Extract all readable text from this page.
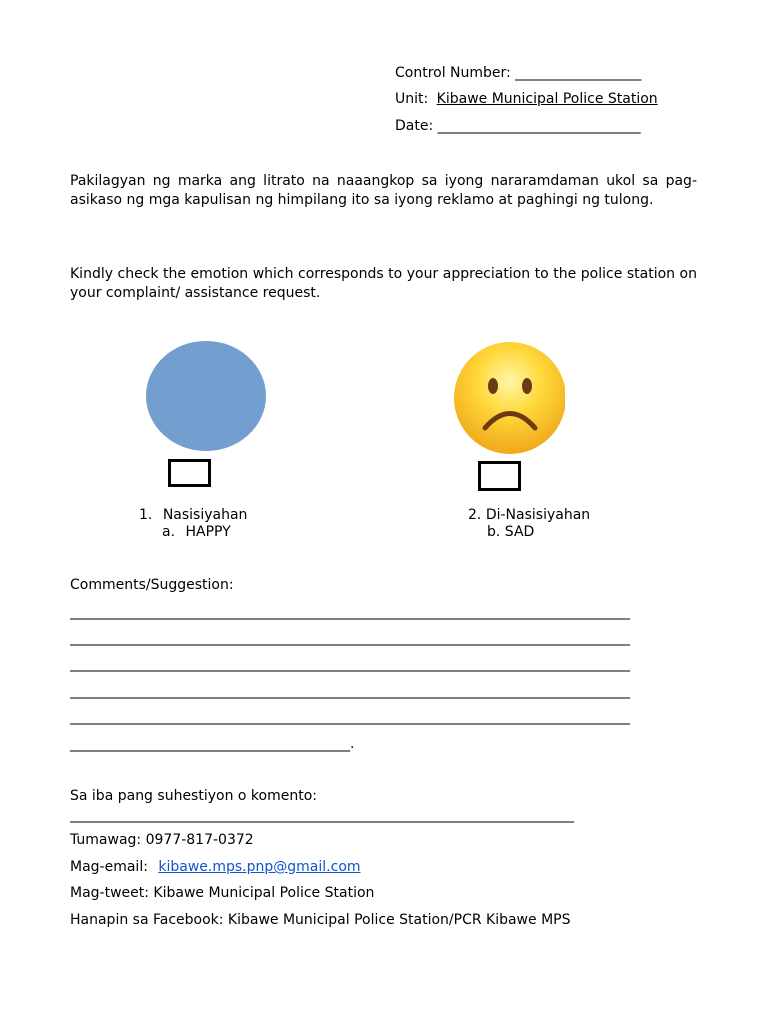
Control Number: __________________
Unit: Kibawe Municipal Police Station
Date: _____________________________
Pakilagyan ng marka ang litrato na naaangkop sa iyong nararamdaman ukol sa pag-asikaso ng mga kapulisan ng himpilang ito sa iyong reklamo at paghingi ng tulong.
Kindly check the emotion which corresponds to your appreciation to the police station on your complaint/ assistance request.
1. Nasisiyahan
a. HAPPY
2. Di-Nasisiyahan
b. SAD
Comments/Suggestion:
________________________________________________________________________________
________________________________________________________________________________
________________________________________________________________________________
________________________________________________________________________________
________________________________________________________________________________
________________________________________.
Sa iba pang suhestiyon o komento:
________________________________________________________________________
Tumawag: 0977-817-0372
Mag-email: kibawe.mps.pnp@gmail.com
Mag-tweet: Kibawe Municipal Police Station
Hanapin sa Facebook: Kibawe Municipal Police Station/PCR Kibawe MPS
